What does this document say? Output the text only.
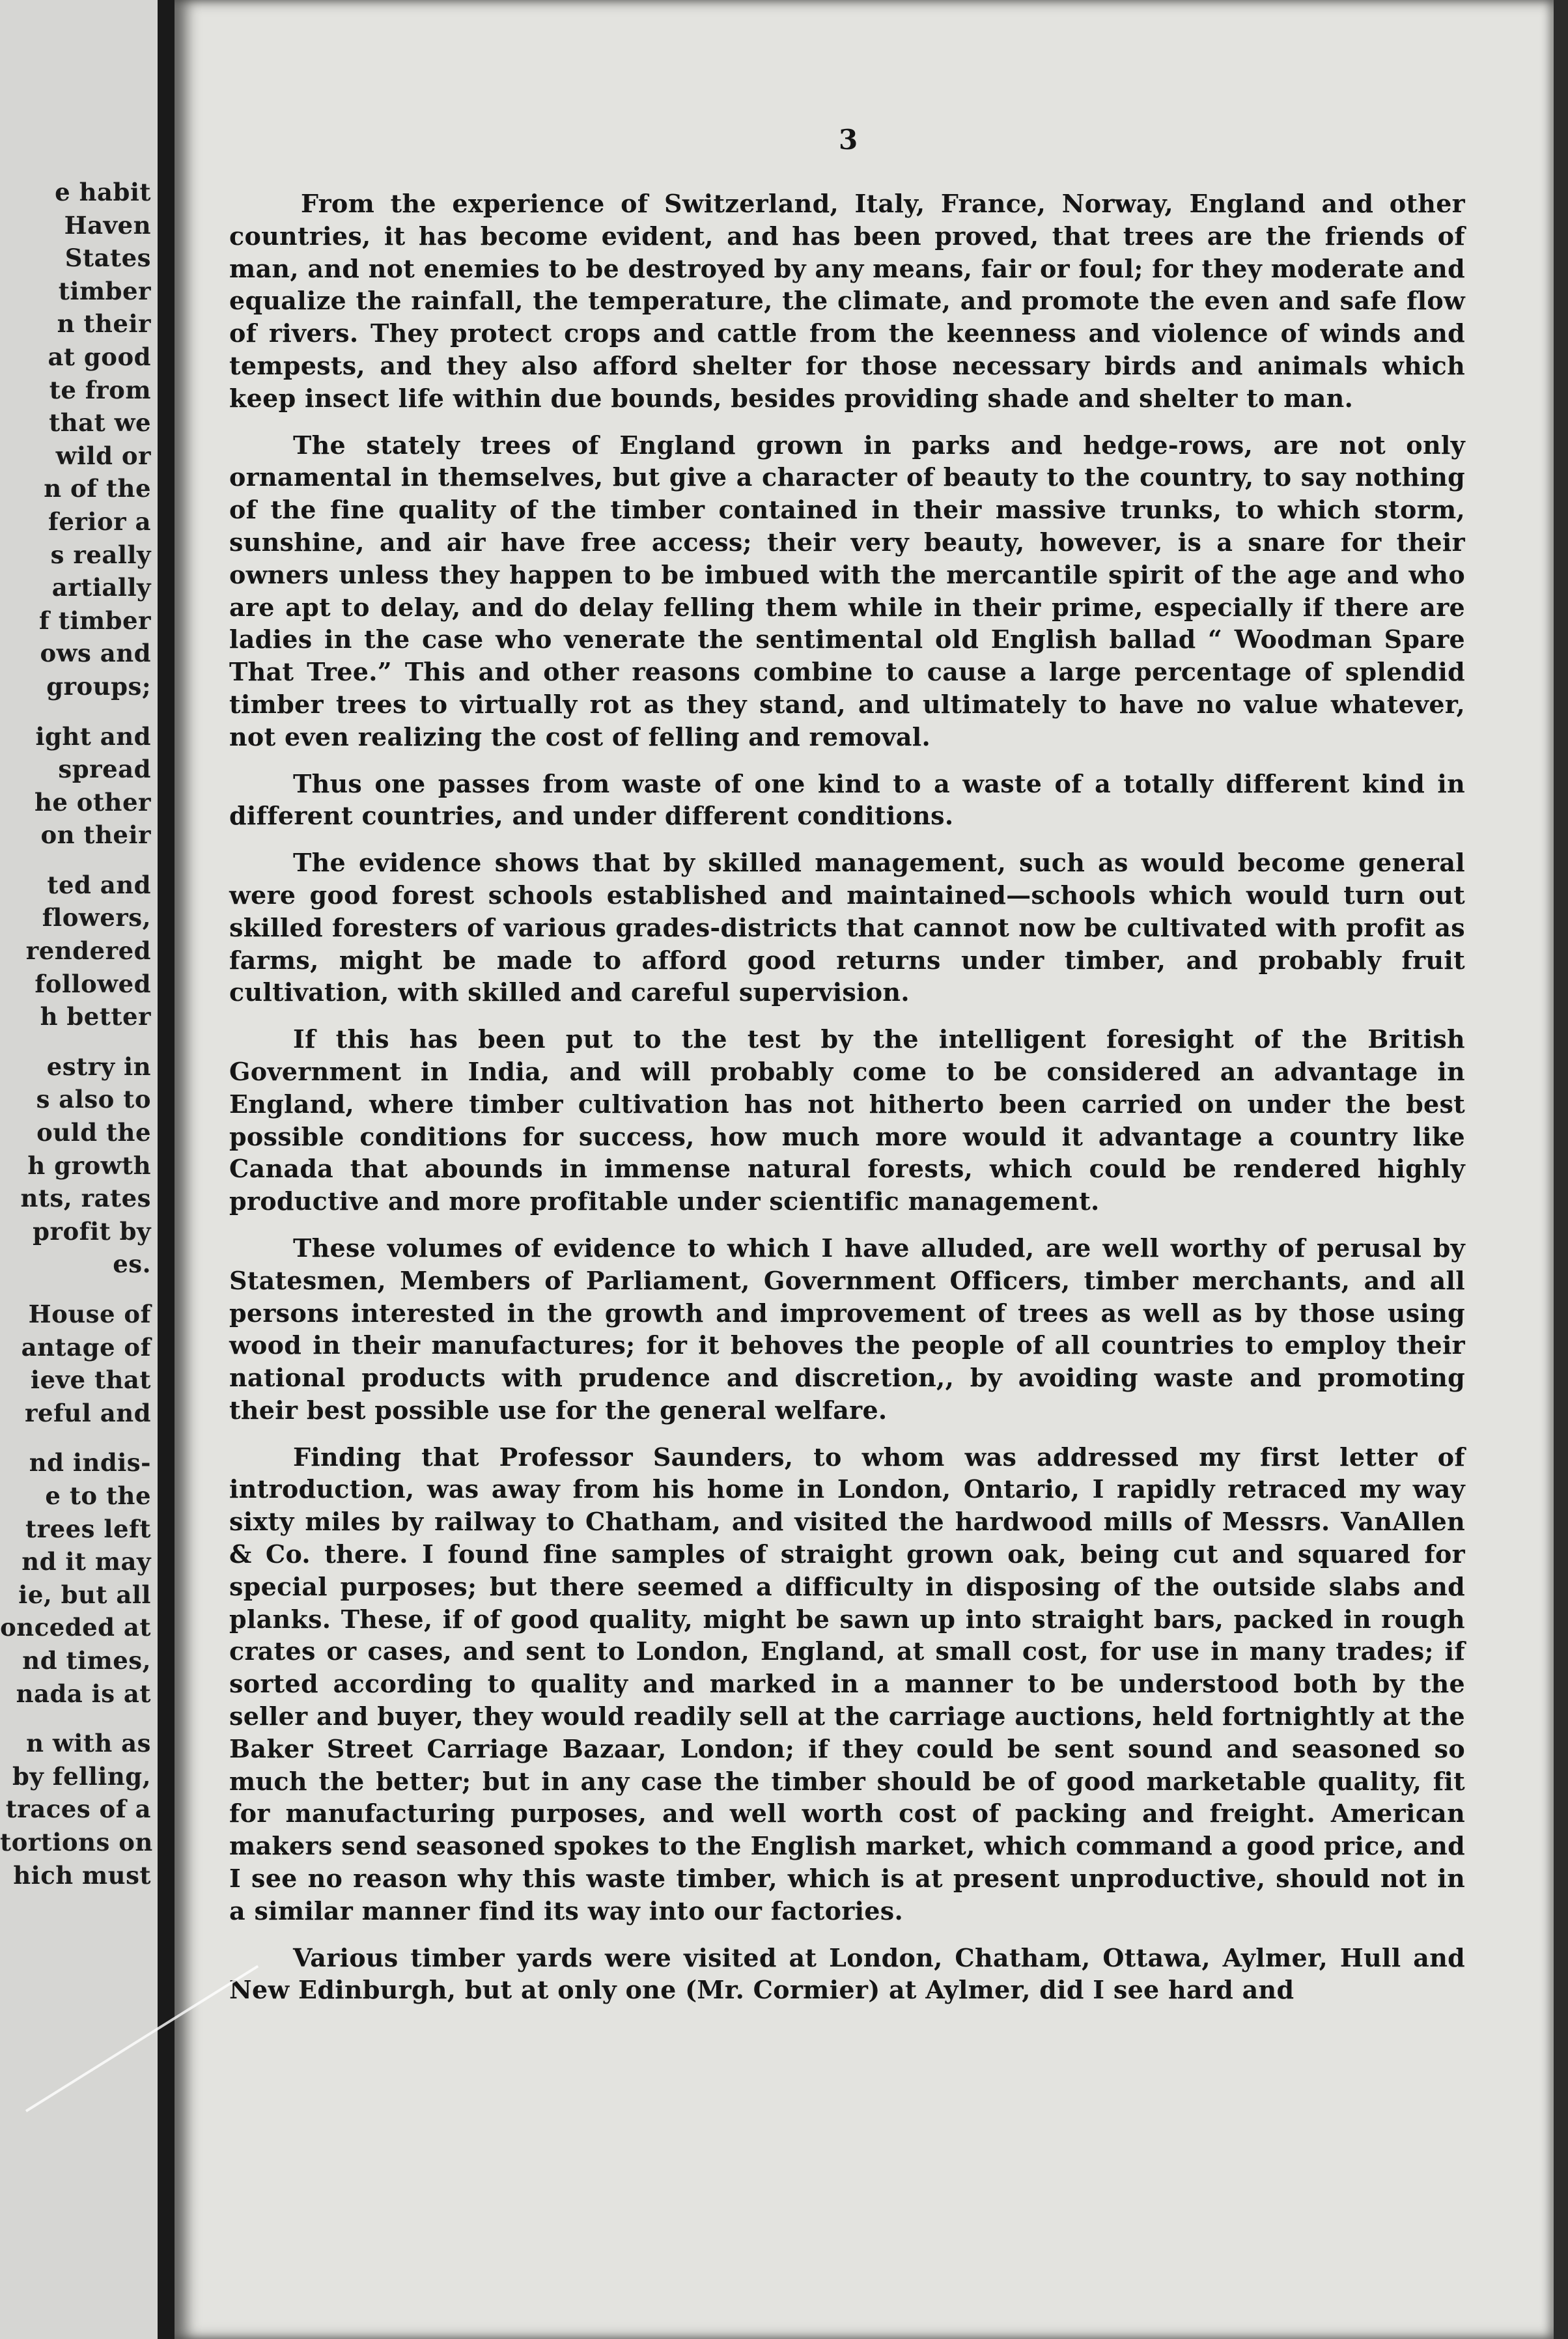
e habit
Haven
States
timber
n their
at good
te from
that we
wild or
n of the
ferior a
s really
artially
f timber
ows and
groups;
ight and
spread
he other
on their
ted and
flowers,
rendered
followed
h better
estry in
s also to
ould the
h growth
nts, rates
profit by
es.
House of
antage of
ieve that
reful and
nd indis-
e to the
trees left
nd it may
ie, but all
onceded at
nd times,
nada is at
n with as
by felling,
traces of a
tortions on
hich must
3

From the experience of Switzerland, Italy, France, Norway, England and other countries, it has become evident, and has been proved, that trees are the friends of man, and not enemies to be destroyed by any means, fair or foul; for they moderate and equalize the rainfall, the temperature, the climate, and promote the even and safe flow of rivers. They protect crops and cattle from the keenness and violence of winds and tempests, and they also afford shelter for those necessary birds and animals which keep insect life within due bounds, besides providing shade and shelter to man.

The stately trees of England grown in parks and hedge-rows, are not only ornamental in themselves, but give a character of beauty to the country, to say nothing of the fine quality of the timber contained in their massive trunks, to which storm, sunshine, and air have free access; their very beauty, however, is a snare for their owners unless they happen to be imbued with the mercantile spirit of the age and who are apt to delay, and do delay felling them while in their prime, especially if there are ladies in the case who venerate the sentimental old English ballad “ Woodman Spare That Tree.” This and other reasons combine to cause a large percentage of splendid timber trees to virtually rot as they stand, and ultimately to have no value whatever, not even realizing the cost of felling and removal.

Thus one passes from waste of one kind to a waste of a totally different kind in different countries, and under different conditions.

The evidence shows that by skilled management, such as would become general were good forest schools established and maintained—schools which would turn out skilled foresters of various grades-districts that cannot now be cultivated with profit as farms, might be made to afford good returns under timber, and probably fruit cultivation, with skilled and careful supervision.

If this has been put to the test by the intelligent foresight of the British Government in India, and will probably come to be considered an advantage in England, where timber cultivation has not hitherto been carried on under the best possible conditions for success, how much more would it advantage a country like Canada that abounds in immense natural forests, which could be rendered highly productive and more profitable under scientific management.

These volumes of evidence to which I have alluded, are well worthy of perusal by Statesmen, Members of Parliament, Government Officers, timber merchants, and all persons interested in the growth and improvement of trees as well as by those using wood in their manufactures; for it behoves the people of all countries to employ their national products with prudence and discretion,, by avoiding waste and promoting their best possible use for the general welfare.

Finding that Professor Saunders, to whom was addressed my first letter of introduction, was away from his home in London, Ontario, I rapidly retraced my way sixty miles by railway to Chatham, and visited the hardwood mills of Messrs. VanAllen & Co. there. I found fine samples of straight grown oak, being cut and squared for special purposes; but there seemed a difficulty in disposing of the outside slabs and planks. These, if of good quality, might be sawn up into straight bars, packed in rough crates or cases, and sent to London, England, at small cost, for use in many trades; if sorted according to quality and marked in a manner to be understood both by the seller and buyer, they would readily sell at the carriage auctions, held fortnightly at the Baker Street Carriage Bazaar, London; if they could be sent sound and seasoned so much the better; but in any case the timber should be of good marketable quality, fit for manufacturing purposes, and well worth cost of packing and freight. American makers send seasoned spokes to the English market, which command a good price, and I see no reason why this waste timber, which is at present unproductive, should not in a similar manner find its way into our factories.

Various timber yards were visited at London, Chatham, Ottawa, Aylmer, Hull and New Edinburgh, but at only one (Mr. Cormier) at Aylmer, did I see hard and
